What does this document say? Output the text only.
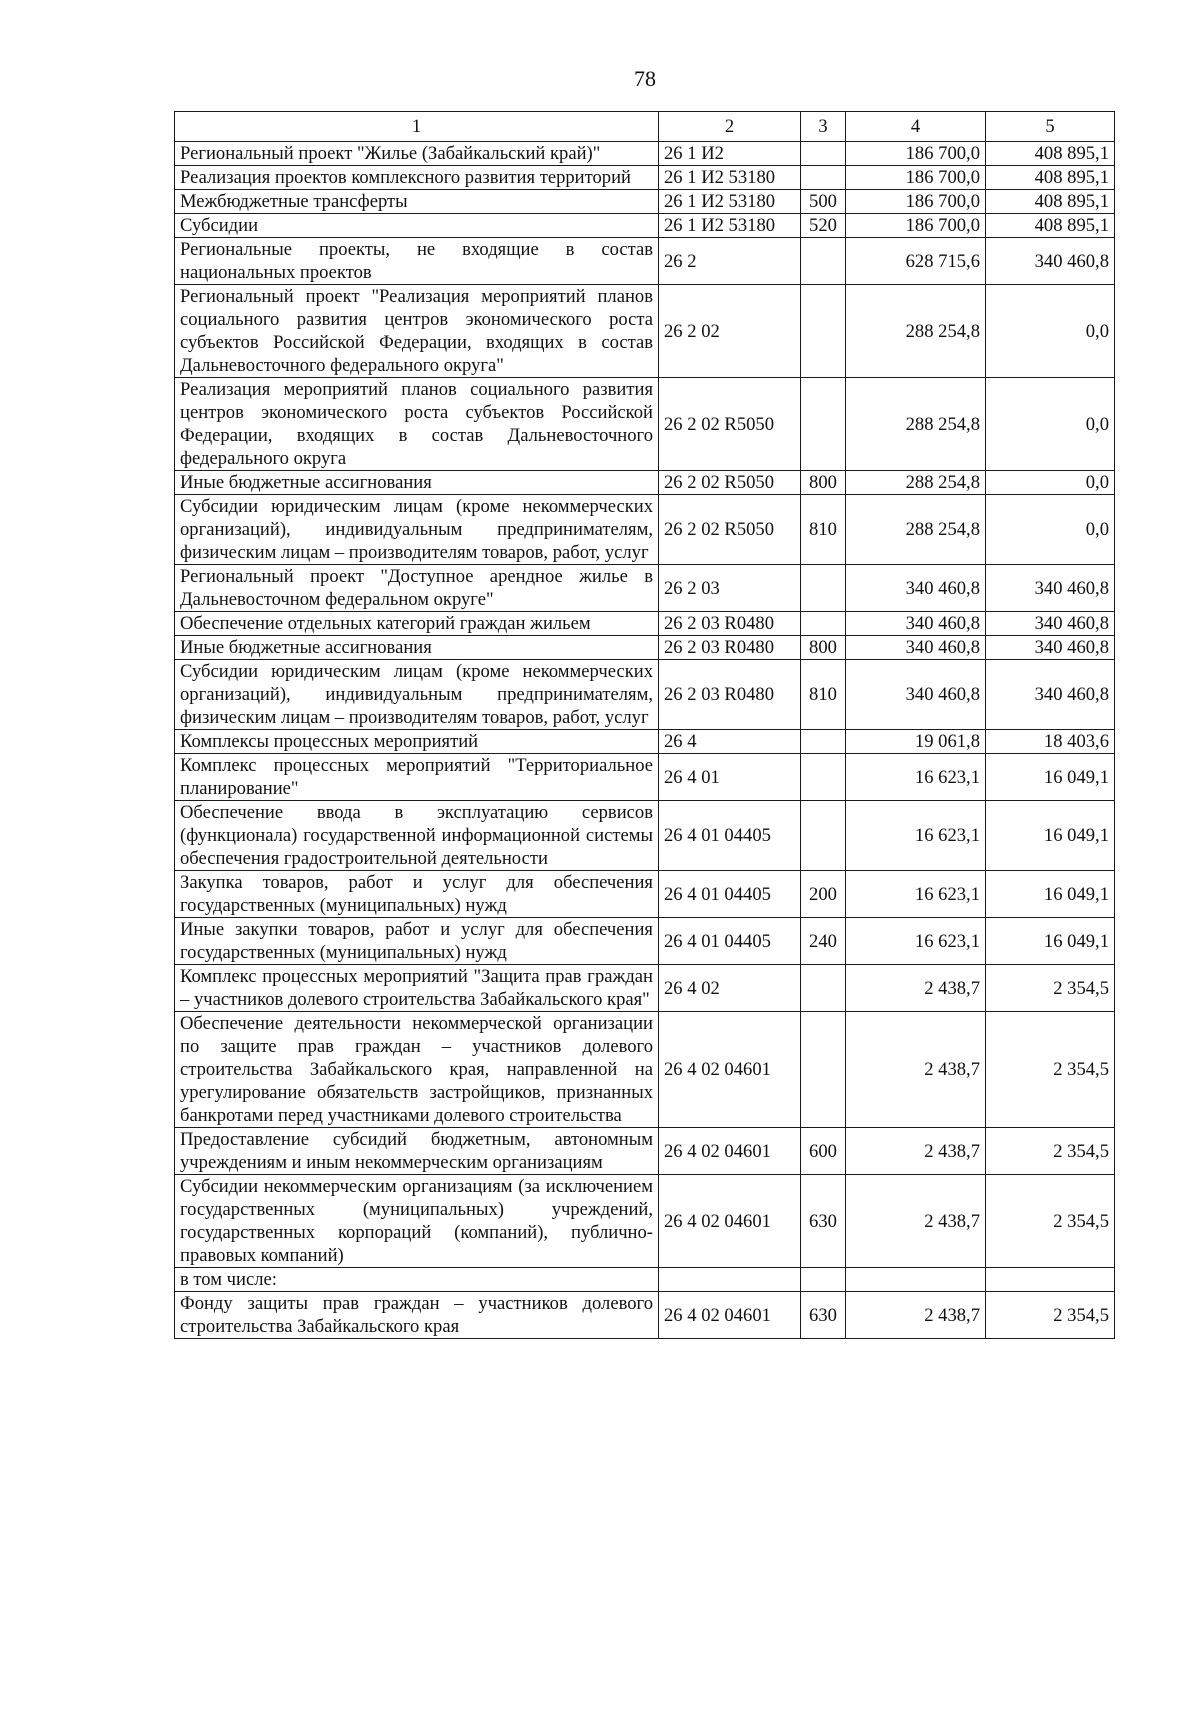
78
1	2	3	4	5
Региональный проект "Жилье (Забайкальский край)"	26 1 И2		186 700,0	408 895,1
Реализация проектов комплексного развития территорий	26 1 И2 53180		186 700,0	408 895,1
Межбюджетные трансферты	26 1 И2 53180	500	186 700,0	408 895,1
Субсидии	26 1 И2 53180	520	186 700,0	408 895,1
Региональные проекты, не входящие в состав национальных проектов	26 2		628 715,6	340 460,8
Региональный проект "Реализация мероприятий планов социального развития центров экономического роста субъектов Российской Федерации, входящих в состав Дальневосточного федерального округа"	26 2 02		288 254,8	0,0
Реализация мероприятий планов социального развития центров экономического роста субъектов Российской Федерации, входящих в состав Дальневосточного федерального округа	26 2 02 R5050		288 254,8	0,0
Иные бюджетные ассигнования	26 2 02 R5050	800	288 254,8	0,0
Субсидии юридическим лицам (кроме некоммерческих организаций), индивидуальным предпринимателям, физическим лицам – производителям товаров, работ, услуг	26 2 02 R5050	810	288 254,8	0,0
Региональный проект "Доступное арендное жилье в Дальневосточном федеральном округе"	26 2 03		340 460,8	340 460,8
Обеспечение отдельных категорий граждан жильем	26 2 03 R0480		340 460,8	340 460,8
Иные бюджетные ассигнования	26 2 03 R0480	800	340 460,8	340 460,8
Субсидии юридическим лицам (кроме некоммерческих организаций), индивидуальным предпринимателям, физическим лицам – производителям товаров, работ, услуг	26 2 03 R0480	810	340 460,8	340 460,8
Комплексы процессных мероприятий	26 4		19 061,8	18 403,6
Комплекс процессных мероприятий "Территориальное планирование"	26 4 01		16 623,1	16 049,1
Обеспечение ввода в эксплуатацию сервисов (функционала) государственной информационной системы обеспечения градостроительной деятельности	26 4 01 04405		16 623,1	16 049,1
Закупка товаров, работ и услуг для обеспечения государственных (муниципальных) нужд	26 4 01 04405	200	16 623,1	16 049,1
Иные закупки товаров, работ и услуг для обеспечения государственных (муниципальных) нужд	26 4 01 04405	240	16 623,1	16 049,1
Комплекс процессных мероприятий "Защита прав граждан – участников долевого строительства Забайкальского края"	26 4 02		2 438,7	2 354,5
Обеспечение деятельности некоммерческой организации по защите прав граждан – участников долевого строительства Забайкальского края, направленной на урегулирование обязательств застройщиков, признанных банкротами перед участниками долевого строительства	26 4 02 04601		2 438,7	2 354,5
Предоставление субсидий бюджетным, автономным учреждениям и иным некоммерческим организациям	26 4 02 04601	600	2 438,7	2 354,5
Субсидии некоммерческим организациям (за исключением государственных (муниципальных) учреждений, государственных корпораций (компаний), публично-правовых компаний)	26 4 02 04601	630	2 438,7	2 354,5
в том числе:				
Фонду защиты прав граждан – участников долевого строительства Забайкальского края	26 4 02 04601	630	2 438,7	2 354,5
